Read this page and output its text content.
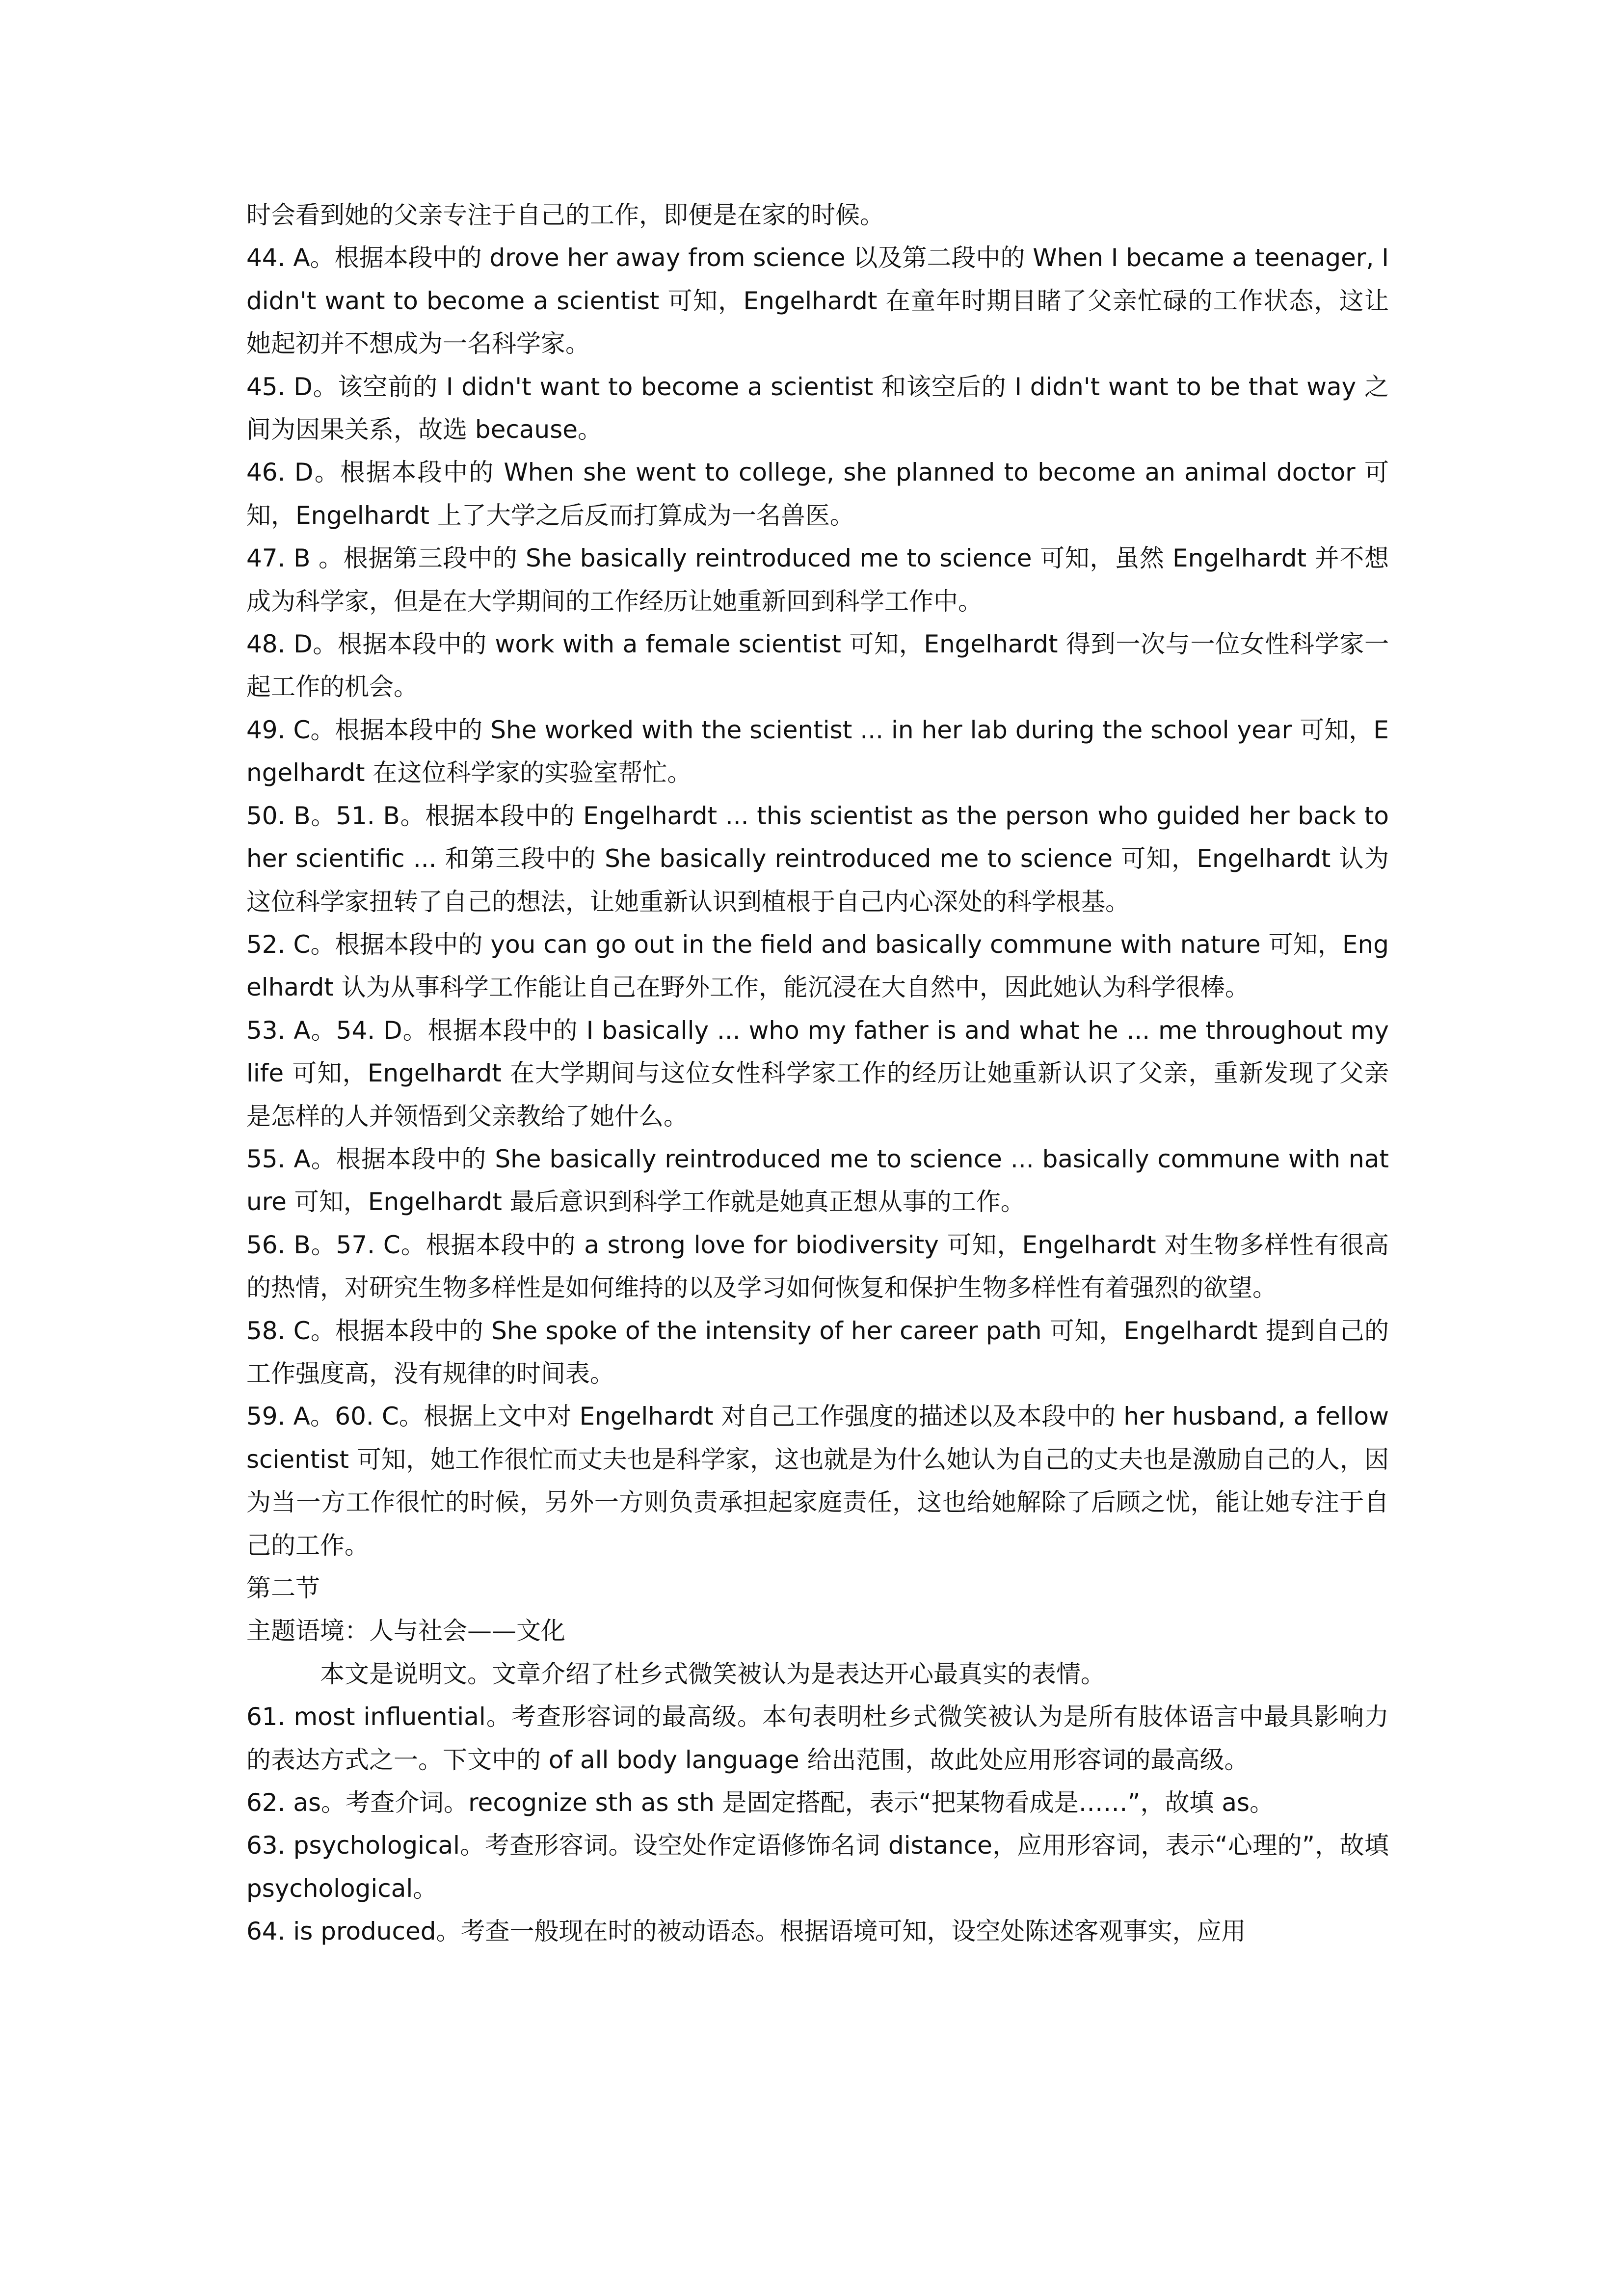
时会看到她的父亲专注于自己的工作，即便是在家的时候。

44. A。根据本段中的 drove her away from science 以及第二段中的 When I became a teenager, I didn't want to become a scientist 可知，Engelhardt 在童年时期目睹了父亲忙碌的工作状态，这让她起初并不想成为一名科学家。

45. D。该空前的 I didn't want to become a scientist 和该空后的 I didn't want to be that way 之间为因果关系，故选 because。

46. D。根据本段中的 When she went to college, she planned to become an animal doctor 可知，Engelhardt 上了大学之后反而打算成为一名兽医。

47. B 。根据第三段中的 She basically reintroduced me to science 可知，虽然 Engelhardt 并不想成为科学家，但是在大学期间的工作经历让她重新回到科学工作中。

48. D。根据本段中的 work with a female scientist 可知，Engelhardt 得到一次与一位女性科学家一起工作的机会。

49. C。根据本段中的 She worked with the scientist ... in her lab during the school year 可知，Engelhardt 在这位科学家的实验室帮忙。

50. B。51. B。根据本段中的 Engelhardt ... this scientist as the person who guided her back to her scientific ... 和第三段中的 She basically reintroduced me to science 可知，Engelhardt 认为这位科学家扭转了自己的想法，让她重新认识到植根于自己内心深处的科学根基。

52. C。根据本段中的 you can go out in the field and basically commune with nature 可知，Engelhardt 认为从事科学工作能让自己在野外工作，能沉浸在大自然中，因此她认为科学很棒。

53. A。54. D。根据本段中的 I basically ... who my father is and what he ... me throughout my life 可知，Engelhardt 在大学期间与这位女性科学家工作的经历让她重新认识了父亲，重新发现了父亲是怎样的人并领悟到父亲教给了她什么。

55. A。根据本段中的 She basically reintroduced me to science ... basically commune with nature 可知，Engelhardt 最后意识到科学工作就是她真正想从事的工作。

56. B。57. C。根据本段中的 a strong love for biodiversity 可知，Engelhardt 对生物多样性有很高的热情，对研究生物多样性是如何维持的以及学习如何恢复和保护生物多样性有着强烈的欲望。

58. C。根据本段中的 She spoke of the intensity of her career path 可知，Engelhardt 提到自己的工作强度高，没有规律的时间表。

59. A。60. C。根据上文中对 Engelhardt 对自己工作强度的描述以及本段中的 her husband, a fellow scientist 可知，她工作很忙而丈夫也是科学家，这也就是为什么她认为自己的丈夫也是激励自己的人，因为当一方工作很忙的时候，另外一方则负责承担起家庭责任，这也给她解除了后顾之忧，能让她专注于自己的工作。

第二节

主题语境：人与社会——文化

本文是说明文。文章介绍了杜乡式微笑被认为是表达开心最真实的表情。

61. most influential。考查形容词的最高级。本句表明杜乡式微笑被认为是所有肢体语言中最具影响力的表达方式之一。下文中的 of all body language 给出范围，故此处应用形容词的最高级。

62. as。考查介词。recognize sth as sth 是固定搭配，表示“把某物看成是……”，故填 as。

63. psychological。考查形容词。设空处作定语修饰名词 distance，应用形容词，表示“心理的”，故填 psychological。

64. is produced。考查一般现在时的被动语态。根据语境可知，设空处陈述客观事实，应用
